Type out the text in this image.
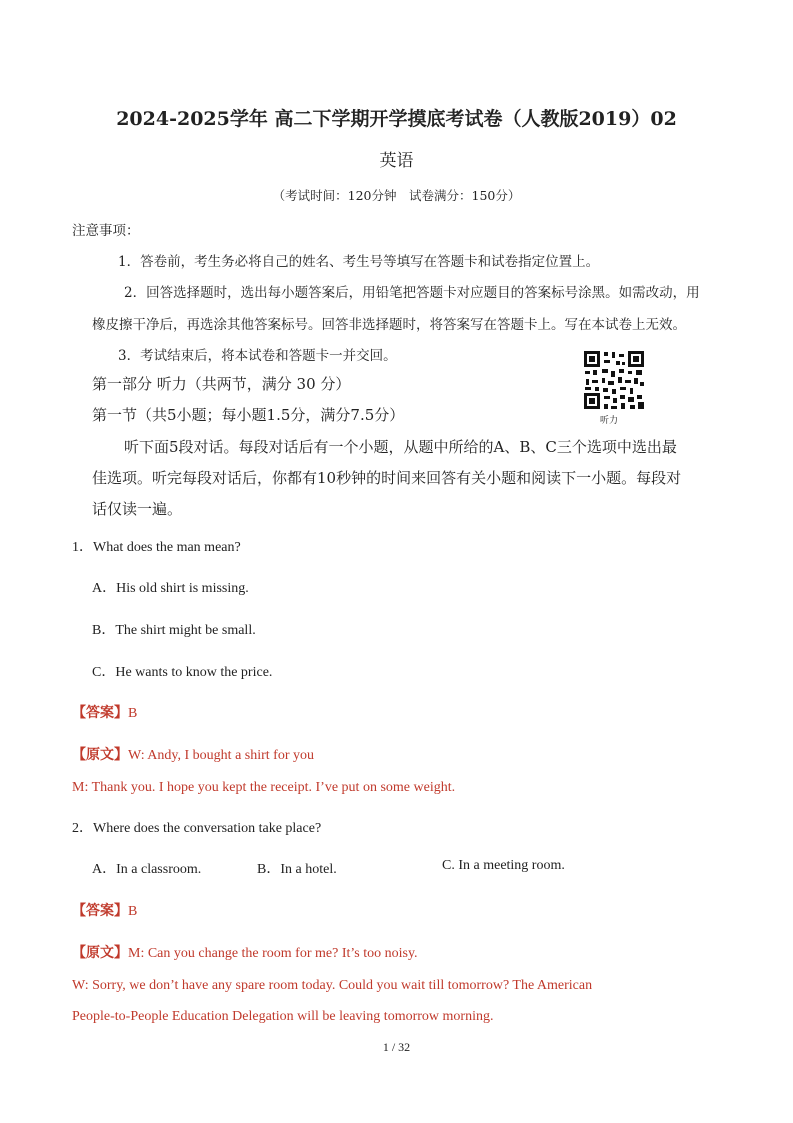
2024-2025学年 高二下学期开学摸底考试卷（人教版2019）02
英语
（考试时间：120分钟　试卷满分：150分）
注意事项：
1．答卷前，考生务必将自己的姓名、考生号等填写在答题卡和试卷指定位置上。
2．回答选择题时，选出每小题答案后，用铅笔把答题卡对应题目的答案标号涂黑。如需改动，用
橡皮擦干净后，再选涂其他答案标号。回答非选择题时，将答案写在答题卡上。写在本试卷上无效。
3．考试结束后，将本试卷和答题卡一并交回。
第一部分 听力（共两节，满分 30 分）
第一节（共5小题；每小题1.5分，满分7.5分）	听力
听下面5段对话。每段对话后有一个小题，从题中所给的A、B、C三个选项中选出最
佳选项。听完每段对话后，你都有10秒钟的时间来回答有关小题和阅读下一小题。每段对
话仅读一遍。
1．What does the man mean?
A．His old shirt is missing.
B．The shirt might be small.
C．He wants to know the price.
【答案】B
【原文】W: Andy, I bought a shirt for you
M: Thank you. I hope you kept the receipt. I’ve put on some weight.
2．Where does the conversation take place?
A．In a classroom.	B．In a hotel.	C. In a meeting room.
【答案】B
【原文】M: Can you change the room for me? It’s too noisy.
W: Sorry, we don’t have any spare room today. Could you wait till tomorrow? The American
People-to-People Education Delegation will be leaving tomorrow morning.
1 / 32
